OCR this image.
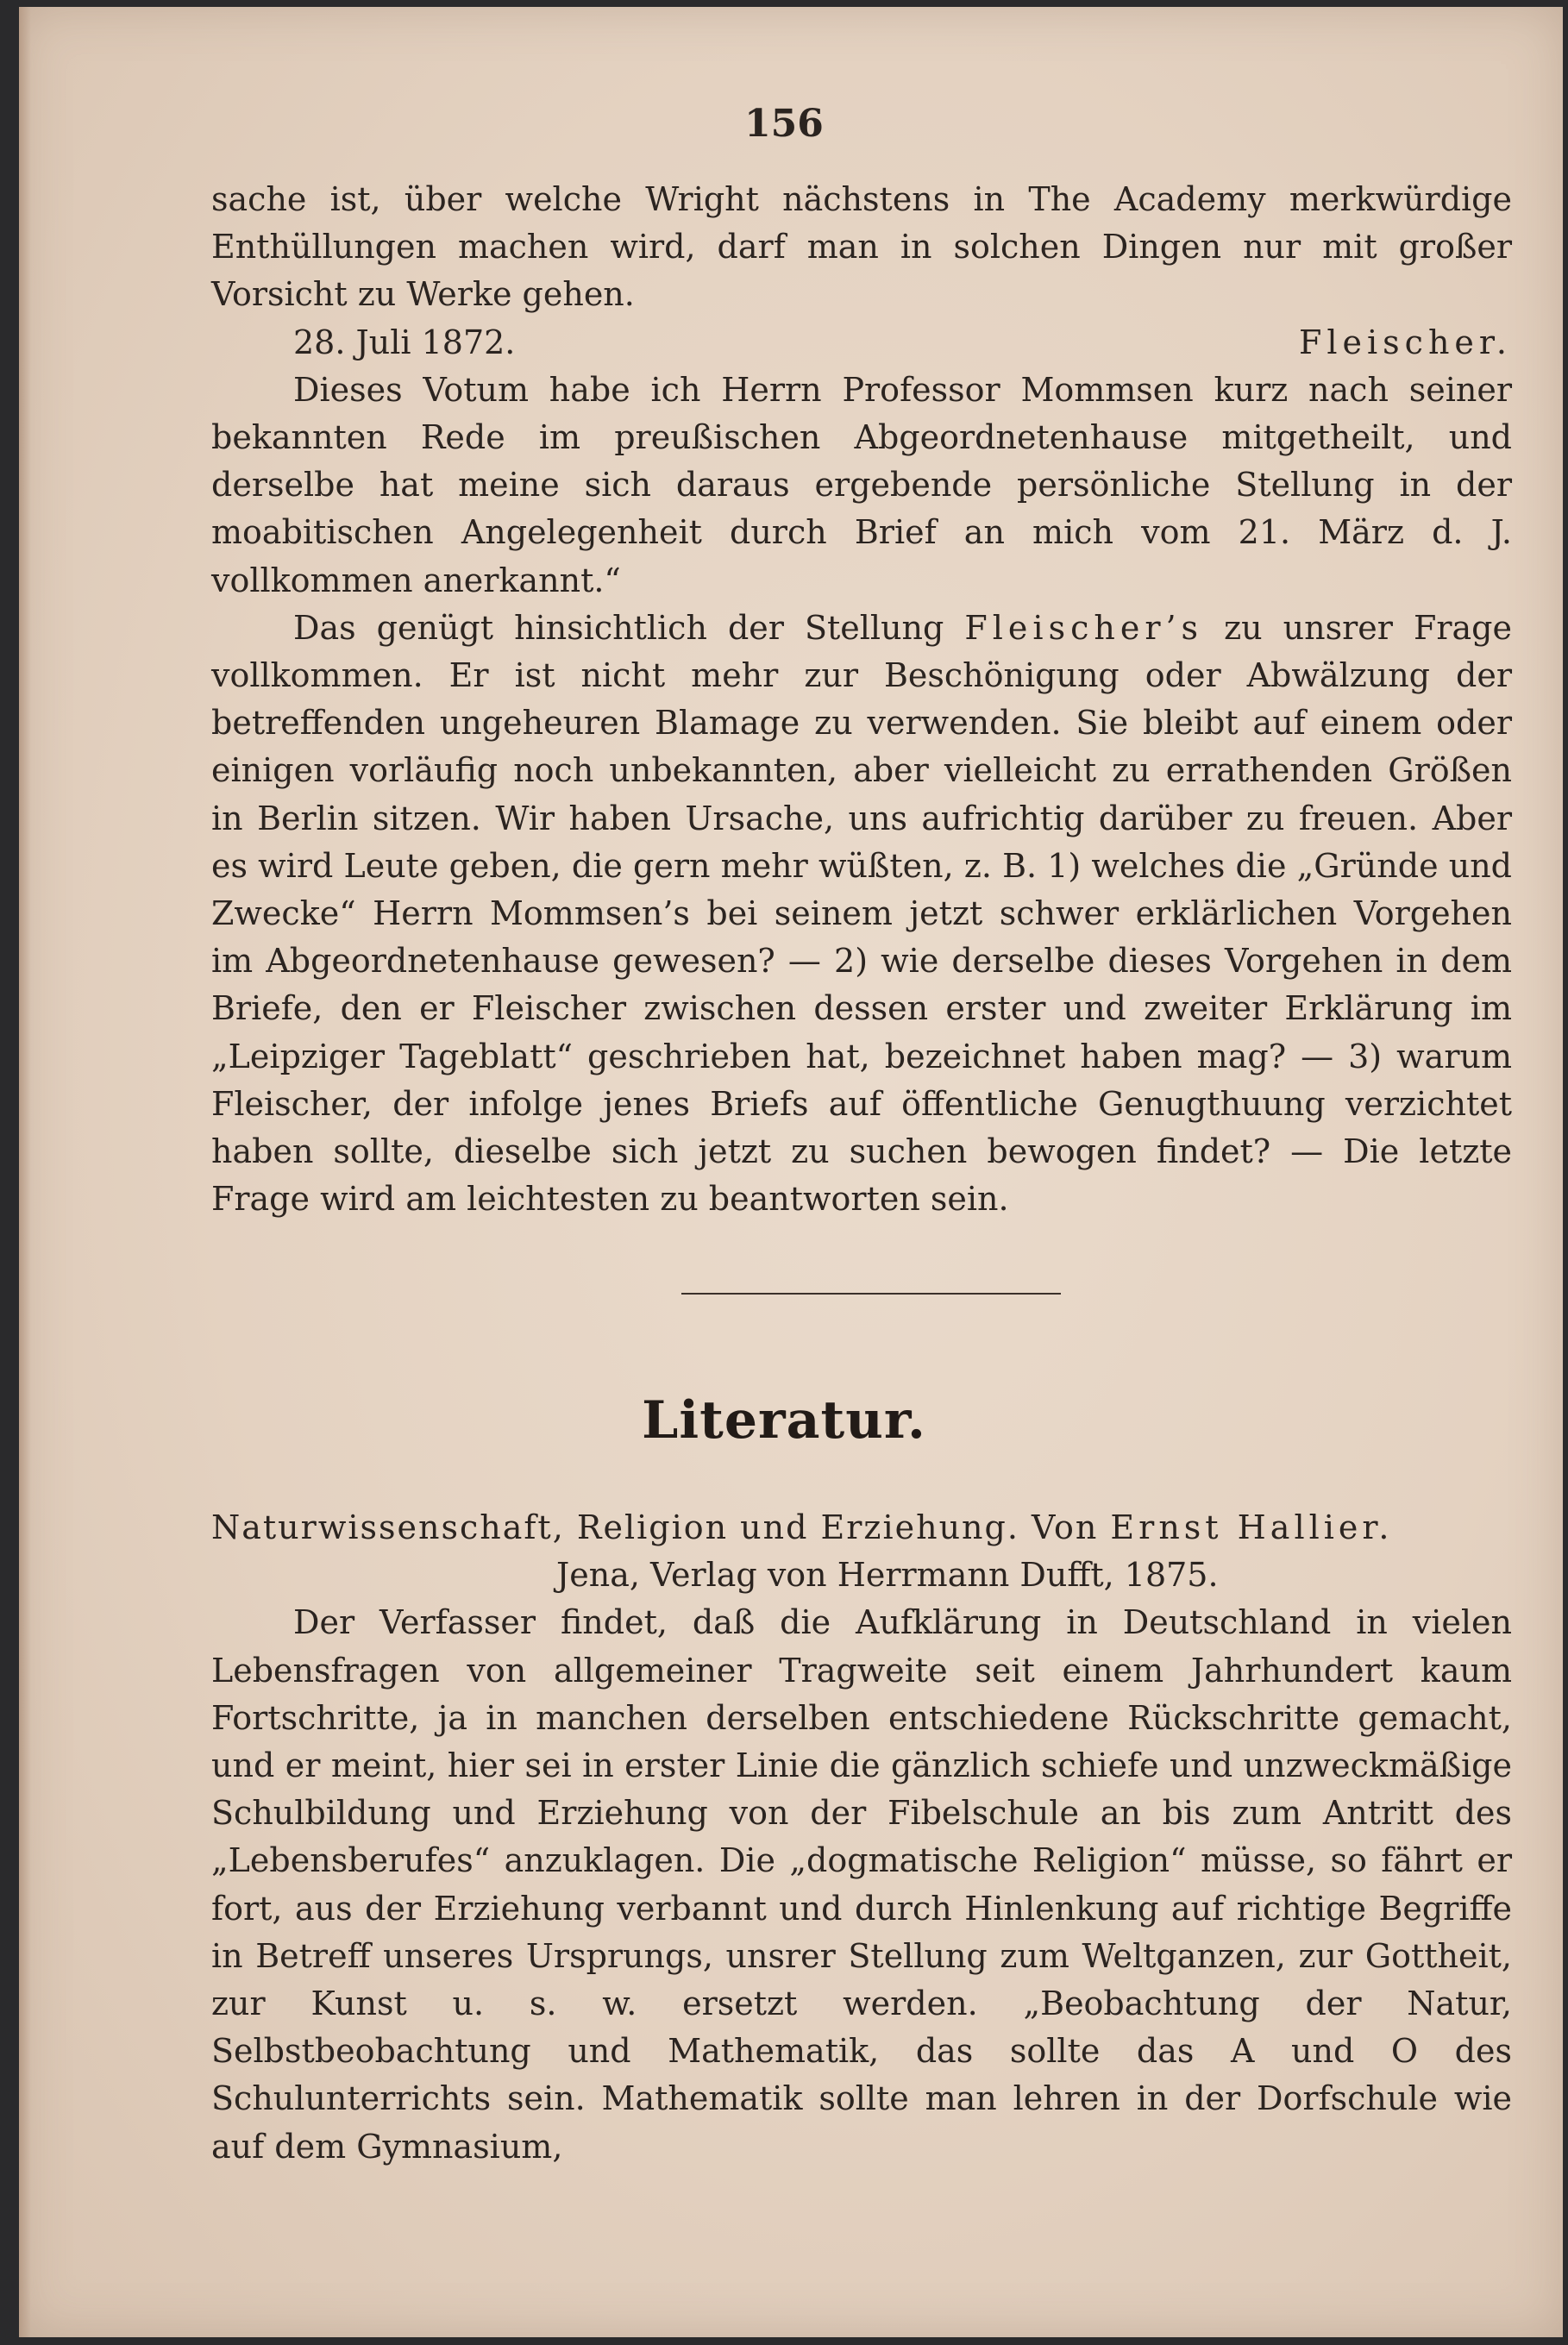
156

sache ist, über welche Wright nächstens in The Academy merkwürdige Enthüllungen machen wird, darf man in solchen Dingen nur mit großer Vorsicht zu Werke gehen.

28. Juli 1872.	Fleischer.

Dieses Votum habe ich Herrn Professor Mommsen kurz nach seiner bekannten Rede im preußischen Abgeordnetenhause mitgetheilt, und derselbe hat meine sich daraus ergebende persönliche Stellung in der moabitischen Angelegenheit durch Brief an mich vom 21. März d. J. vollkommen anerkannt.“

Das genügt hinsichtlich der Stellung Fleischer’s zu unsrer Frage vollkommen. Er ist nicht mehr zur Beschönigung oder Abwälzung der betreffenden ungeheuren Blamage zu verwenden. Sie bleibt auf einem oder einigen vorläufig noch unbekannten, aber vielleicht zu errathenden Größen in Berlin sitzen. Wir haben Ursache, uns aufrichtig darüber zu freuen. Aber es wird Leute geben, die gern mehr wüßten, z. B. 1) welches die „Gründe und Zwecke“ Herrn Mommsen’s bei seinem jetzt schwer erklärlichen Vorgehen im Abgeordnetenhause gewesen? — 2) wie derselbe dieses Vorgehen in dem Briefe, den er Fleischer zwischen dessen erster und zweiter Erklärung im „Leipziger Tageblatt“ geschrieben hat, bezeichnet haben mag? — 3) warum Fleischer, der infolge jenes Briefs auf öffentliche Genugthuung verzichtet haben sollte, dieselbe sich jetzt zu suchen bewogen findet? — Die letzte Frage wird am leichtesten zu beantworten sein.

Literatur.

Naturwissenschaft, Religion und Erziehung. Von Ernst Hallier.

Jena, Verlag von Herrmann Dufft, 1875.

Der Verfasser findet, daß die Aufklärung in Deutschland in vielen Lebensfragen von allgemeiner Tragweite seit einem Jahrhundert kaum Fortschritte, ja in manchen derselben entschiedene Rückschritte gemacht, und er meint, hier sei in erster Linie die gänzlich schiefe und unzweckmäßige Schulbildung und Erziehung von der Fibelschule an bis zum Antritt des „Lebensberufes“ anzuklagen. Die „dogmatische Religion“ müsse, so fährt er fort, aus der Erziehung verbannt und durch Hinlenkung auf richtige Begriffe in Betreff unseres Ursprungs, unsrer Stellung zum Weltganzen, zur Gottheit, zur Kunst u. s. w. ersetzt werden. „Beobachtung der Natur, Selbstbeobachtung und Mathematik, das sollte das A und O des Schulunterrichts sein. Mathematik sollte man lehren in der Dorfschule wie auf dem Gymnasium,
